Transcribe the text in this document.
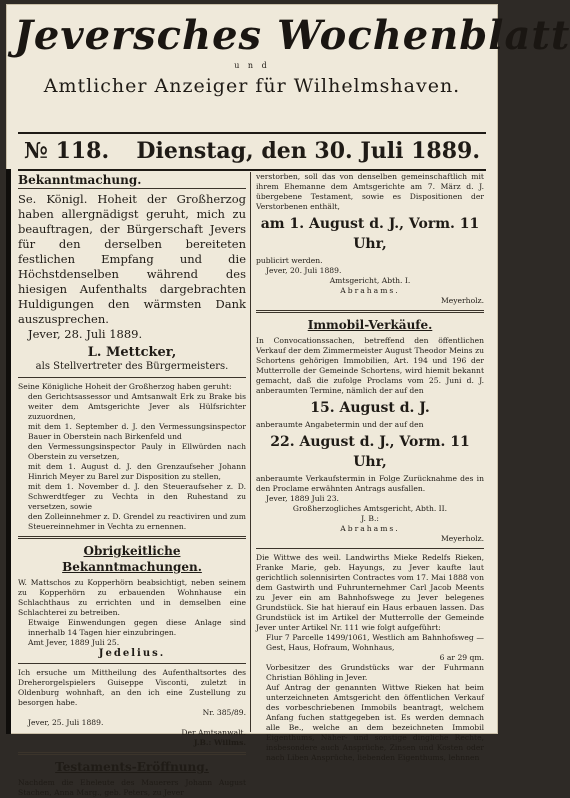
Jeversches Wochenblatt
u n d
Amtlicher Anzeiger für Wilhelmshaven.
№ 118. Dienstag, den 30. Juli 1889.
Bekanntmachung.

Se. Königl. Hoheit der Großherzog haben allergnädigst geruht, mich zu beauftragen, der Bürgerschaft Jevers für den derselben bereiteten festlichen Empfang und die Höchstdenselben während des hiesigen Aufenthalts dargebrachten Huldigungen den wärmsten Dank auszusprechen.

Jever, 28. Juli 1889.

L. Mettcker,

als Stellvertreter des Bürgermeisters.

Seine Königliche Hoheit der Großherzog haben geruht:

den Gerichtsassessor und Amtsanwalt Erk zu Brake bis weiter dem Amtsgerichte Jever als Hülfsrichter zuzuordnen,

mit dem 1. September d. J. den Vermessungsinspector Bauer in Oberstein nach Birkenfeld und

den Vermessungsinspector Pauly in Ellwürden nach Oberstein zu versetzen,

mit dem 1. August d. J. den Grenzaufseher Johann Hinrich Meyer zu Barel zur Disposition zu stellen,

mit dem 1. November d. J. den Steueraufseher z. D. Schwerdtfeger zu Vechta in den Ruhestand zu versetzen, sowie

den Zolleinnehmer z. D. Grendel zu reactiviren und zum Steuereinnehmer in Vechta zu ernennen.

Obrigkeitliche Bekanntmachungen.

W. Mattschos zu Kopperhörn beabsichtigt, neben seinem zu Kopperhörn zu erbauenden Wohnhause ein Schlachthaus zu errichten und in demselben eine Schlachterei zu betreiben.

Etwaige Einwendungen gegen diese Anlage sind innerhalb 14 Tagen hier einzubringen.

Amt Jever, 1889 Juli 25.

Jedelius.

Ich ersuche um Mittheilung des Aufenthaltsortes des Dreherorgelspielers Guiseppe Visconti, zuletzt in Oldenburg wohnhaft, an den ich eine Zustellung zu besorgen habe.

Nr. 385/89.

Jever, 25. Juli 1889.

Der Amtsanwalt.

J.B.: Willms.

Testaments-Eröffnung.

Nachdem die Eheleute des Mauerers Johann August Stachen, Anna Marg., geb. Peters, zu Jever

verstorben, soll das von denselben gemeinschaftlich mit ihrem Ehemanne dem Amtsgerichte am 7. März d. J. übergebene Testament, sowie es Dispositionen der Verstorbenen enthält,

am 1. August d. J., Vorm. 11 Uhr,

publicirt werden.

Jever, 20. Juli 1889.

Amtsgericht, Abth. I.

Abrahams.

Meyerholz.

Immobil-Verkäufe.

In Convocationssachen, betreffend den öffentlichen Verkauf der dem Zimmermeister August Theodor Meins zu Schortens gehörigen Immobilien, Art. 194 und 196 der Mutterrolle der Gemeinde Schortens, wird hiemit bekannt gemacht, daß die zufolge Proclams vom 25. Juni d. J. anberaumten Termine, nämlich der auf den

15. August d. J.

anberaumte Angabetermin und der auf den

22. August d. J., Vorm. 11 Uhr,

anberaumte Verkaufstermin in Folge Zurücknahme des in den Proclame erwähnten Antrags ausfallen.

Jever, 1889 Juli 23.

Großherzogliches Amtsgericht, Abth. II.

J. B.:

Abrahams.

Meyerholz.

Die Wittwe des weil. Landwirths Mieke Redelfs Rieken, Franke Marie, geb. Hayungs, zu Jever kaufte laut gerichtlich solennisirten Contractes vom 17. Mai 1888 von dem Gastwirth und Fuhrunternehmer Carl Jacob Meents zu Jever ein am Bahnhofswege zu Jever belegenes Grundstück. Sie hat hierauf ein Haus erbauen lassen. Das Grundstück ist im Artikel der Mutterrolle der Gemeinde Jever unter Artikel Nr. 111 wie folgt aufgeführt:

Flur 7 Parcelle 1499/1061, Westlich am Bahnhofsweg — Gest, Haus, Hofraum, Wohnhaus,

6 ar 29 qm.

Vorbesitzer des Grundstücks war der Fuhrmann Christian Böhling in Jever.

Auf Antrag der genannten Wittwe Rieken hat beim unterzeichneten Amtsgericht den öffentlichen Verkauf des vorbeschriebenen Immobils beantragt, welchem Anfang fuchen stattgegeben ist. Es werden demnach alle Be., welche an dem bezeichneten Immobil Eigenthums, Näher- und sonstige dingliche Rechte, insbesondere auch Ansprüche, Zinsen und Kosten oder nach Liben Ansprüche, liebenden Eigenthums, lehnnen
